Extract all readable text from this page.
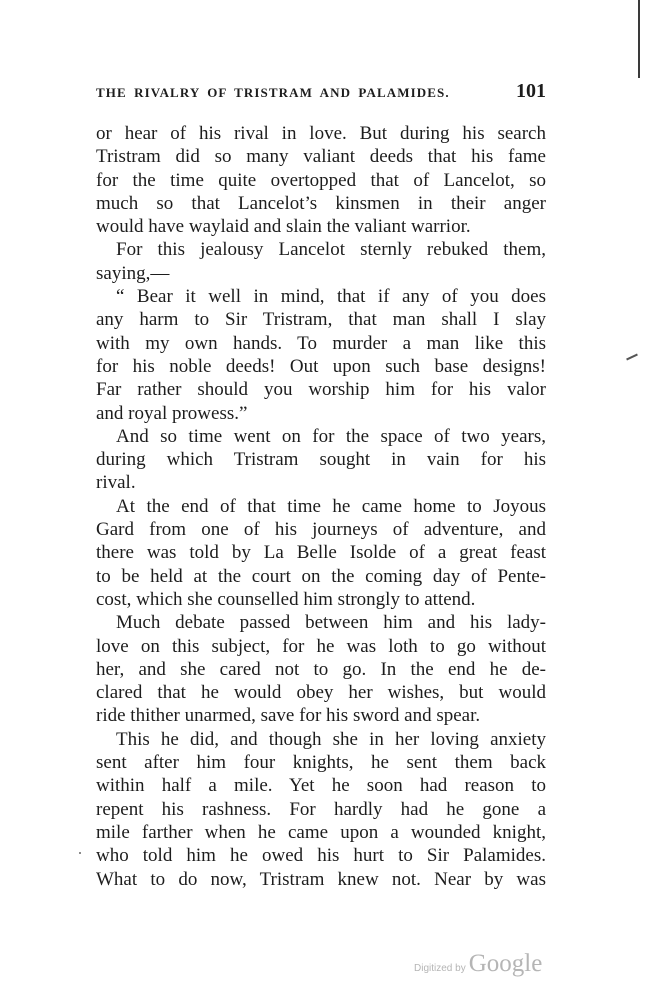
THE RIVALRY OF TRISTRAM AND PALAMIDES.	101
or hear of his rival in love. But during his search
Tristram did so many valiant deeds that his fame
for the time quite overtopped that of Lancelot, so
much so that Lancelot’s kinsmen in their anger
would have waylaid and slain the valiant warrior.
For this jealousy Lancelot sternly rebuked them,
saying,—
“ Bear it well in mind, that if any of you does
any harm to Sir Tristram, that man shall I slay
with my own hands. To murder a man like this
for his noble deeds! Out upon such base designs!
Far rather should you worship him for his valor
and royal prowess.”
And so time went on for the space of two years,
during which Tristram sought in vain for his
rival.
At the end of that time he came home to Joyous
Gard from one of his journeys of adventure, and
there was told by La Belle Isolde of a great feast
to be held at the court on the coming day of Pente-
cost, which she counselled him strongly to attend.
Much debate passed between him and his lady-
love on this subject, for he was loth to go without
her, and she cared not to go. In the end he de-
clared that he would obey her wishes, but would
ride thither unarmed, save for his sword and spear.
This he did, and though she in her loving anxiety
sent after him four knights, he sent them back
within half a mile. Yet he soon had reason to
repent his rashness. For hardly had he gone a
mile farther when he came upon a wounded knight,
who told him he owed his hurt to Sir Palamides.
What to do now, Tristram knew not. Near by was
Digitized by Google
